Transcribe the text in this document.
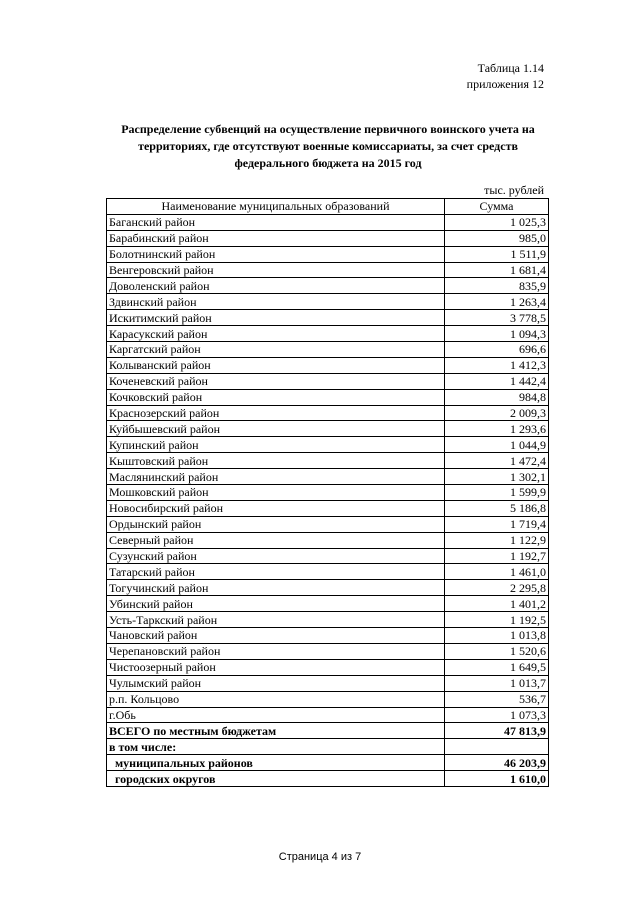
Таблица 1.14
приложения 12
Распределение субвенций на осуществление первичного воинского учета на
территориях, где отсутствуют военные комиссариаты, за счет средств
федерального бюджета на 2015 год
тыс. рублей
Наименование муниципальных образований	Сумма
Баганский район	1 025,3
Барабинский район	985,0
Болотнинский район	1 511,9
Венгеровский район	1 681,4
Доволенский район	835,9
Здвинский район	1 263,4
Искитимский район	3 778,5
Карасукский район	1 094,3
Каргатский район	696,6
Колыванский район	1 412,3
Коченевский район	1 442,4
Кочковский район	984,8
Краснозерский район	2 009,3
Куйбышевский район	1 293,6
Купинский район	1 044,9
Кыштовский район	1 472,4
Маслянинский район	1 302,1
Мошковский район	1 599,9
Новосибирский район	5 186,8
Ордынский район	1 719,4
Северный район	1 122,9
Сузунский район	1 192,7
Татарский район	1 461,0
Тогучинский район	2 295,8
Убинский район	1 401,2
Усть-Таркский район	1 192,5
Чановский район	1 013,8
Черепановский район	1 520,6
Чистоозерный район	1 649,5
Чулымский район	1 013,7
р.п. Кольцово	536,7
г.Обь	1 073,3
ВСЕГО по местным бюджетам	47 813,9
в том числе:	
муниципальных районов	46 203,9
городских округов	1 610,0
Страница 4 из 7
